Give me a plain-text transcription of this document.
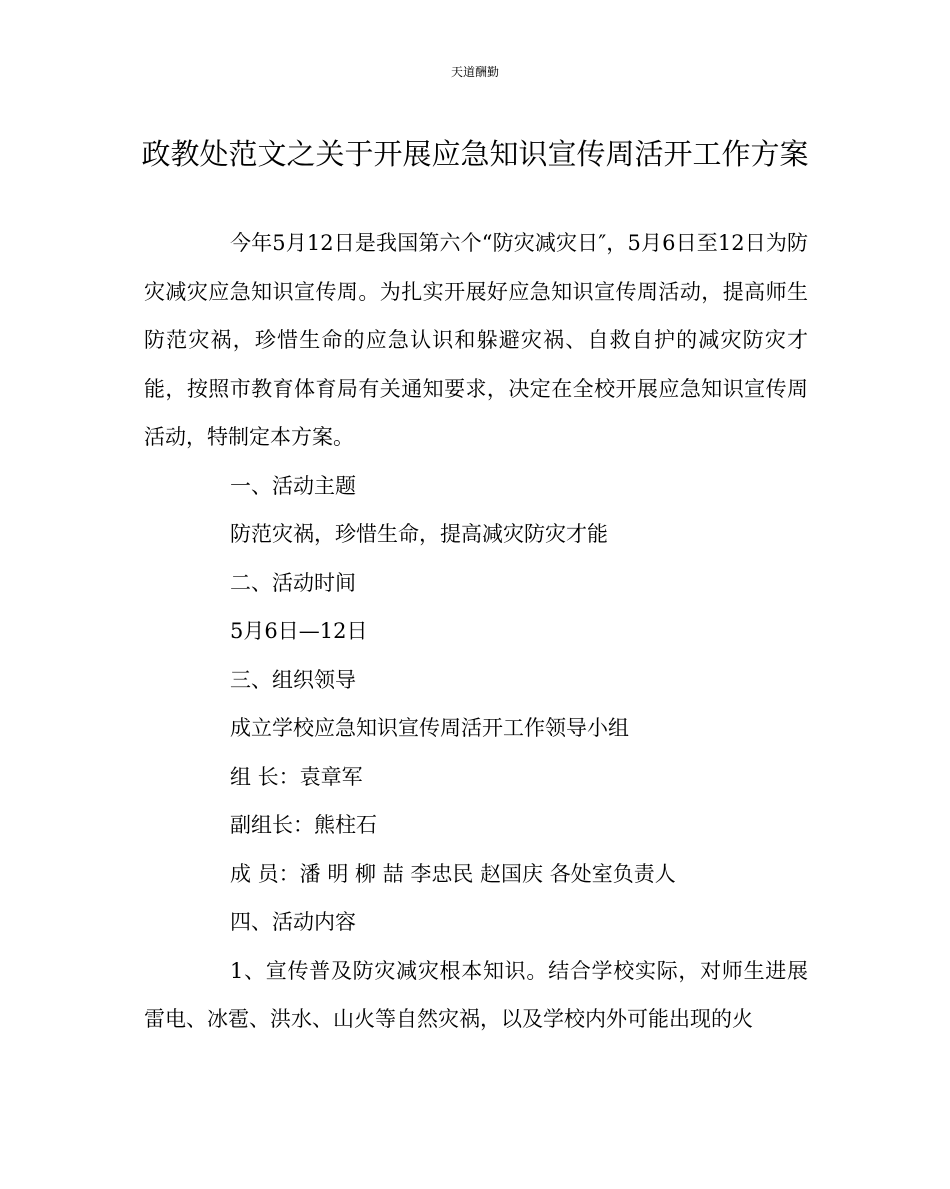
天道酬勤
政教处范文之关于开展应急知识宣传周活开工作方案

今年5月12日是我国第六个“防灾减灾日″，5月6日至12日为防灾减灾应急知识宣传周。为扎实开展好应急知识宣传周活动，提高师生防范灾祸，珍惜生命的应急认识和躲避灾祸、自救自护的减灾防灾才能，按照市教育体育局有关通知要求，决定在全校开展应急知识宣传周活动，特制定本方案。

一、活动主题

防范灾祸，珍惜生命，提高减灾防灾才能

二、活动时间

5月6日—12日

三、组织领导

成立学校应急知识宣传周活开工作领导小组

组 长：袁章军

副组长：熊柱石

成 员：潘 明 柳 喆 李忠民 赵国庆 各处室负责人

四、活动内容

1、宣传普及防灾减灾根本知识。结合学校实际，对师生进展雷电、冰雹、洪水、山火等自然灾祸，以及学校内外可能出现的火
